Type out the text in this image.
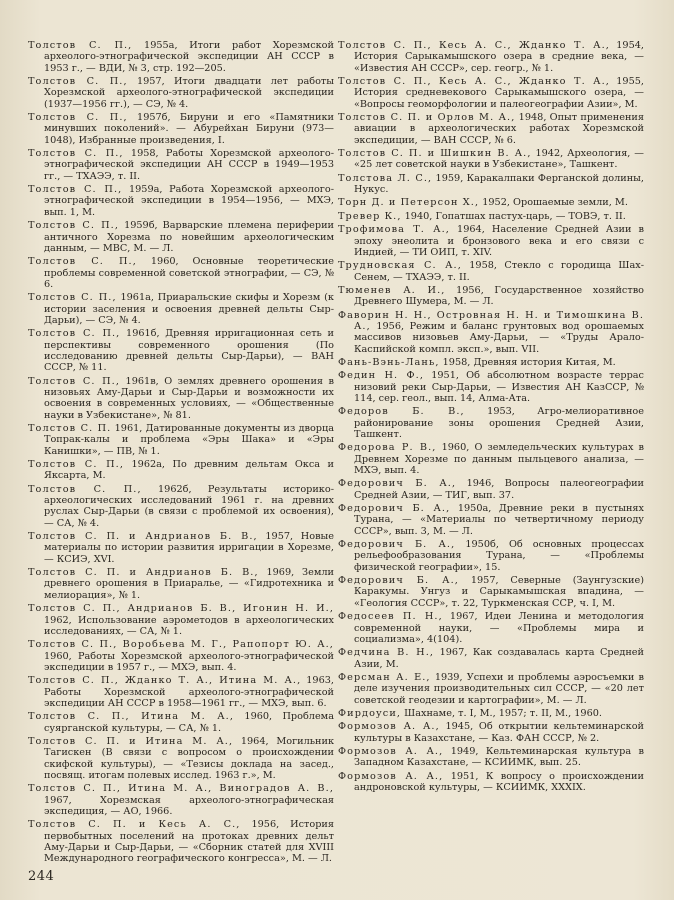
Толстов С. П., 1955а, Итоги работ Хорезмской археолого-этнографической экспедиции АН СССР в 1953 г., — ВДИ, № 3, стр. 192—205.
Толстов С. П., 1957, Итоги двадцати лет работы Хорезмской археолого-этнографической экспедиции (1937—1956 гг.), — СЭ, № 4.
Толстов С. П., 1957б, Бируни и его «Памятники минувших поколений». — Абурейхан Бируни (973—1048), Избранные произведения, I.
Толстов С. П., 1958, Работы Хорезмской археолого-этнографической экспедиции АН СССР в 1949—1953 гг., — ТХАЭЭ, т. II.
Толстов С. П., 1959а, Работа Хорезмской археолого-этнографической экспедиции в 1954—1956, — МХЭ, вып. 1, М.
Толстов С. П., 1959б, Варварские племена периферии античного Хорезма по новейшим археологическим данным, — МВС, М. — Л.
Толстов С. П., 1960, Основные теоретические проблемы современной советской этнографии, — СЭ, № 6.
Толстов С. П., 1961а, Приаральские скифы и Хорезм (к истории заселения и освоения древней дельты Сыр-Дарьи), — СЭ, № 4.
Толстов С. П., 1961б, Древняя ирригационная сеть и перспективы современного орошения (По исследованию древней дельты Сыр-Дарьи), — ВАН СССР, № 11.
Толстов С. П., 1961в, О землях древнего орошения в низовьях Аму-Дарьи и Сыр-Дарьи и возможности их освоения в современных условиях, — «Общественные науки в Узбекистане», № 81.
Толстов С. П. 1961, Датированные документы из дворца Топрак-калы и проблема «Эры Шака» и «Эры Канишки», — ПВ, № 1.
Толстов С. П., 1962а, По древним дельтам Окса и Яксарта, М.
Толстов С. П., 1962б, Результаты историко-археологических исследований 1961 г. на древних руслах Сыр-Дарьи (в связи с проблемой их освоения), — СА, № 4.
Толстов С. П. и Андрианов Б. В., 1957, Новые материалы по истории развития ирригации в Хорезме, — КСИЭ, XVI.
Толстов С. П. и Андрианов Б. В., 1969, Земли древнего орошения в Приаралье, — «Гидротехника и мелиорация», № 1.
Толстов С. П., Андрианов Б. В., Игонин Н. И., 1962, Использование аэрометодов в археологических исследованиях, — СА, № 1.
Толстов С. П., Воробьева М. Г., Рапопорт Ю. А., 1960, Работы Хорезмской археолого-этнографической экспедиции в 1957 г., — МХЭ, вып. 4.
Толстов С. П., Жданко Т. А., Итина М. А., 1963, Работы Хорезмской археолого-этнографической экспедиции АН СССР в 1958—1961 гг., — МХЭ, вып. 6.
Толстов С. П., Итина М. А., 1960, Проблема суярганской культуры, — СА, № 1.
Толстов С. П. и Итина М. А., 1964, Могильник Тагискен (В связи с вопросом о происхождении скифской культуры), — «Тезисы доклада на засед., посвящ. итогам полевых исслед. 1963 г.», М.
Толстов С. П., Итина М. А., Виноградов А. В., 1967, Хорезмская археолого-этнографическая экспедиция, — АО, 1966.
Толстов С. П. и Кесь А. С., 1956, История первобытных поселений на протоках древних дельт Аму-Дарьи и Сыр-Дарьи, — «Сборник статей для XVIII Международного географического конгресса», М. — Л.
Толстов С. П., Кесь А. С., Жданко Т. А., 1954, История Сарыкамышского озера в средние века, — «Известия АН СССР», сер. геогр., № 1.
Толстов С. П., Кесь А. С., Жданко Т. А., 1955, История средневекового Сарыкамышского озера, — «Вопросы геоморфологии и палеогеографии Азии», М.
Толстов С. П. и Орлов М. А., 1948, Опыт применения авиации в археологических работах Хорезмской экспедиции, — ВАН СССР, № 6.
Толстов С. П. и Шишкин В. А., 1942, Археология, — «25 лет советской науки в Узбекистане», Ташкент.
Толстова Л. С., 1959, Каракалпаки Ферганской долины, Нукус.
Торн Д. и Петерсон Х., 1952, Орошаемые земли, М.
Тревер К., 1940, Гопатшах пастух-царь, — ТОВЭ, т. II.
Трофимова Т. А., 1964, Население Средней Азии в эпоху энеолита и бронзового века и его связи с Индией, — ТИ ОИП, т. XIV.
Трудновская С. А., 1958, Стекло с городища Шах-Сенем, — ТХАЭЭ, т. II.
Тюменев А. И., 1956, Государственное хозяйство Древнего Шумера, М. — Л.
Фаворин Н. Н., Островная Н. Н. и Тимошкина В. А., 1956, Режим и баланс грунтовых вод орошаемых массивов низовьев Аму-Дарьи, — «Труды Арало-Каспийской компл. эксп.», вып. VII.
Фань-Вэнь-Лань, 1958, Древняя история Китая, М.
Федин Н. Ф., 1951, Об абсолютном возрасте террас низовий реки Сыр-Дарьи, — Известия АН КазССР, № 114, сер. геол., вып. 14, Алма-Ата.
Федоров Б. В., 1953, Агро-мелиоративное районирование зоны орошения Средней Азии, Ташкент.
Федорова Р. В., 1960, О земледельческих культурах в Древнем Хорезме по данным пыльцевого анализа, — МХЭ, вып. 4.
Федорович Б. А., 1946, Вопросы палеогеографии Средней Азии, — ТИГ, вып. 37.
Федорович Б. А., 1950а, Древние реки в пустынях Турана, — «Материалы по четвертичному периоду СССР», вып. 3, М. — Л.
Федорович Б. А., 1950б, Об основных процессах рельефообразования Турана, — «Проблемы физической географии», 15.
Федорович Б. А., 1957, Северные (Заунгузские) Каракумы. Унгуз и Сарыкамышская впадина, — «Геология СССР», т. 22, Туркменская ССР, ч. I, М.
Федосеев П. Н., 1967, Идеи Ленина и методология современной науки, — «Проблемы мира и социализма», 4(104).
Федчина В. Н., 1967, Как создавалась карта Средней Азии, М.
Ферсман А. Е., 1939, Успехи и проблемы аэросъемки в деле изучения производительных сил СССР, — «20 лет советской геодезии и картографии», М. — Л.
Фирдоуси, Шахнаме, т. I, М., 1957; т. II, М., 1960.
Формозов А. А., 1945, Об открытии кельтеминарской культуры в Казахстане, — Каз. ФАН СССР, № 2.
Формозов А. А., 1949, Кельтеминарская культура в Западном Казахстане, — КСИИМК, вып. 25.
Формозов А. А., 1951, К вопросу о происхождении андроновской культуры, — КСИИМК, XXXIX.
244
